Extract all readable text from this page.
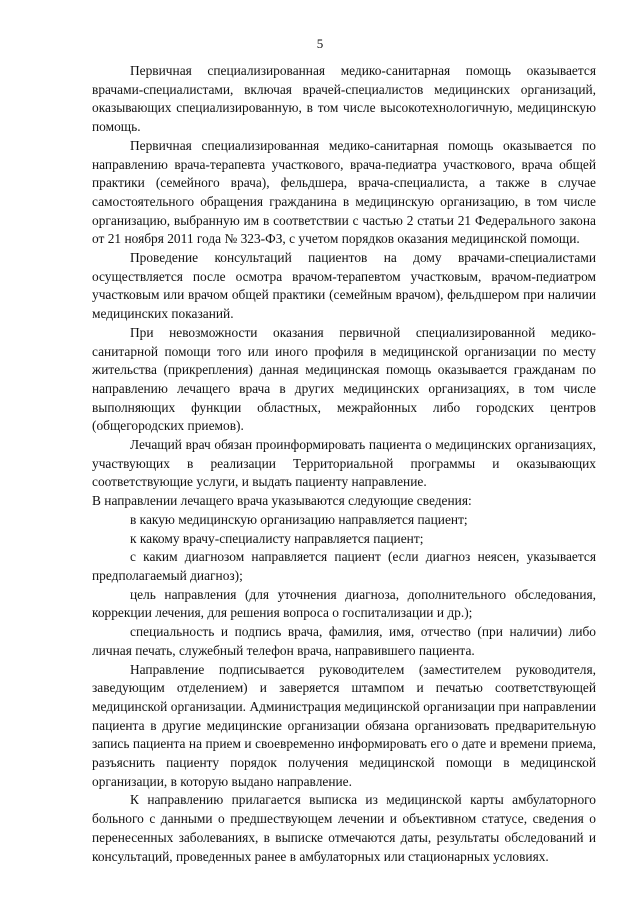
5

Первичная специализированная медико-санитарная помощь оказывается врачами-специалистами, включая врачей-специалистов медицинских организаций, оказывающих специализированную, в том числе высокотехнологичную, медицинскую помощь.

Первичная специализированная медико-санитарная помощь оказывается по направлению врача-терапевта участкового, врача-педиатра участкового, врача общей практики (семейного врача), фельдшера, врача-специалиста, а также в случае самостоятельного обращения гражданина в медицинскую организацию, в том числе организацию, выбранную им в соответствии с частью 2 статьи 21 Федерального закона от 21 ноября 2011 года № 323-ФЗ, с учетом порядков оказания медицинской помощи.

Проведение консультаций пациентов на дому врачами-специалистами осуществляется после осмотра врачом-терапевтом участковым, врачом-педиатром участковым или врачом общей практики (семейным врачом), фельдшером при наличии медицинских показаний.

При невозможности оказания первичной специализированной медико-санитарной помощи того или иного профиля в медицинской организации по месту жительства (прикрепления) данная медицинская помощь оказывается гражданам по направлению лечащего врача в других медицинских организациях, в том числе выполняющих функции областных, межрайонных либо городских центров (общегородских приемов).

Лечащий врач обязан проинформировать пациента о медицинских организациях, участвующих в реализации Территориальной программы и оказывающих соответствующие услуги, и выдать пациенту направление.

В направлении лечащего врача указываются следующие сведения:

в какую медицинскую организацию направляется пациент;

к какому врачу-специалисту направляется пациент;

с каким диагнозом направляется пациент (если диагноз неясен, указывается предполагаемый диагноз);

цель направления (для уточнения диагноза, дополнительного обследования, коррекции лечения, для решения вопроса о госпитализации и др.);

специальность и подпись врача, фамилия, имя, отчество (при наличии) либо личная печать, служебный телефон врача, направившего пациента.

Направление подписывается руководителем (заместителем руководителя, заведующим отделением) и заверяется штампом и печатью соответствующей медицинской организации. Администрация медицинской организации при направлении пациента в другие медицинские организации обязана организовать предварительную запись пациента на прием и своевременно информировать его о дате и времени приема, разъяснить пациенту порядок получения медицинской помощи в медицинской организации, в которую выдано направление.

К направлению прилагается выписка из медицинской карты амбулаторного больного с данными о предшествующем лечении и объективном статусе, сведения о перенесенных заболеваниях, в выписке отмечаются даты, результаты обследований и консультаций, проведенных ранее в амбулаторных или стационарных условиях.
